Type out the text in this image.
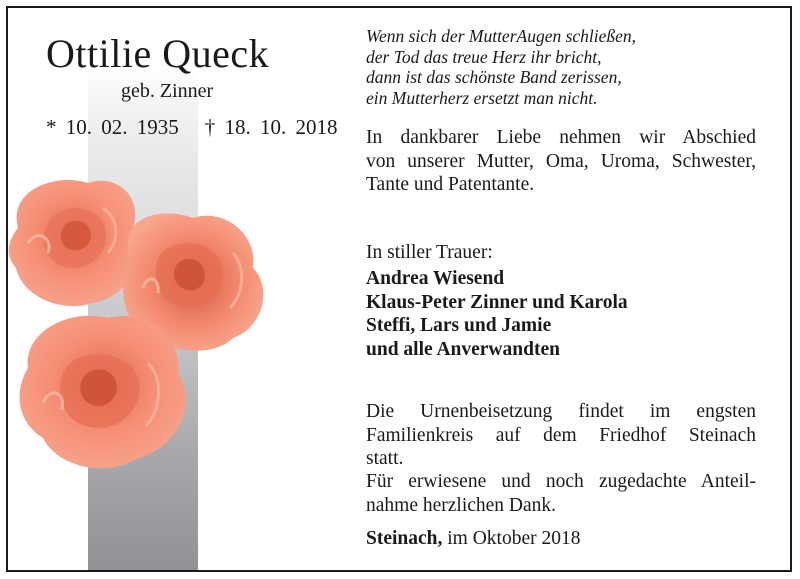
Ottilie Queck
geb. Zinner
* 10. 02. 1935 † 18. 10. 2018
Wenn sich der MutterAugen schließen,
der Tod das treue Herz ihr bricht,
dann ist das schönste Band zerissen,
ein Mutterherz ersetzt man nicht.
In dankbarer Liebe nehmen wir Abschied
von unserer Mutter, Oma, Uroma, Schwester,
Tante und Patentante.
In stiller Trauer:
Andrea Wiesend
Klaus-Peter Zinner und Karola
Steffi, Lars und Jamie
und alle Anverwandten
Die Urnenbeisetzung findet im engsten
Familienkreis auf dem Friedhof Steinach
statt.
Für erwiesene und noch zugedachte Anteil-
nahme herzlichen Dank.
Steinach, im Oktober 2018
